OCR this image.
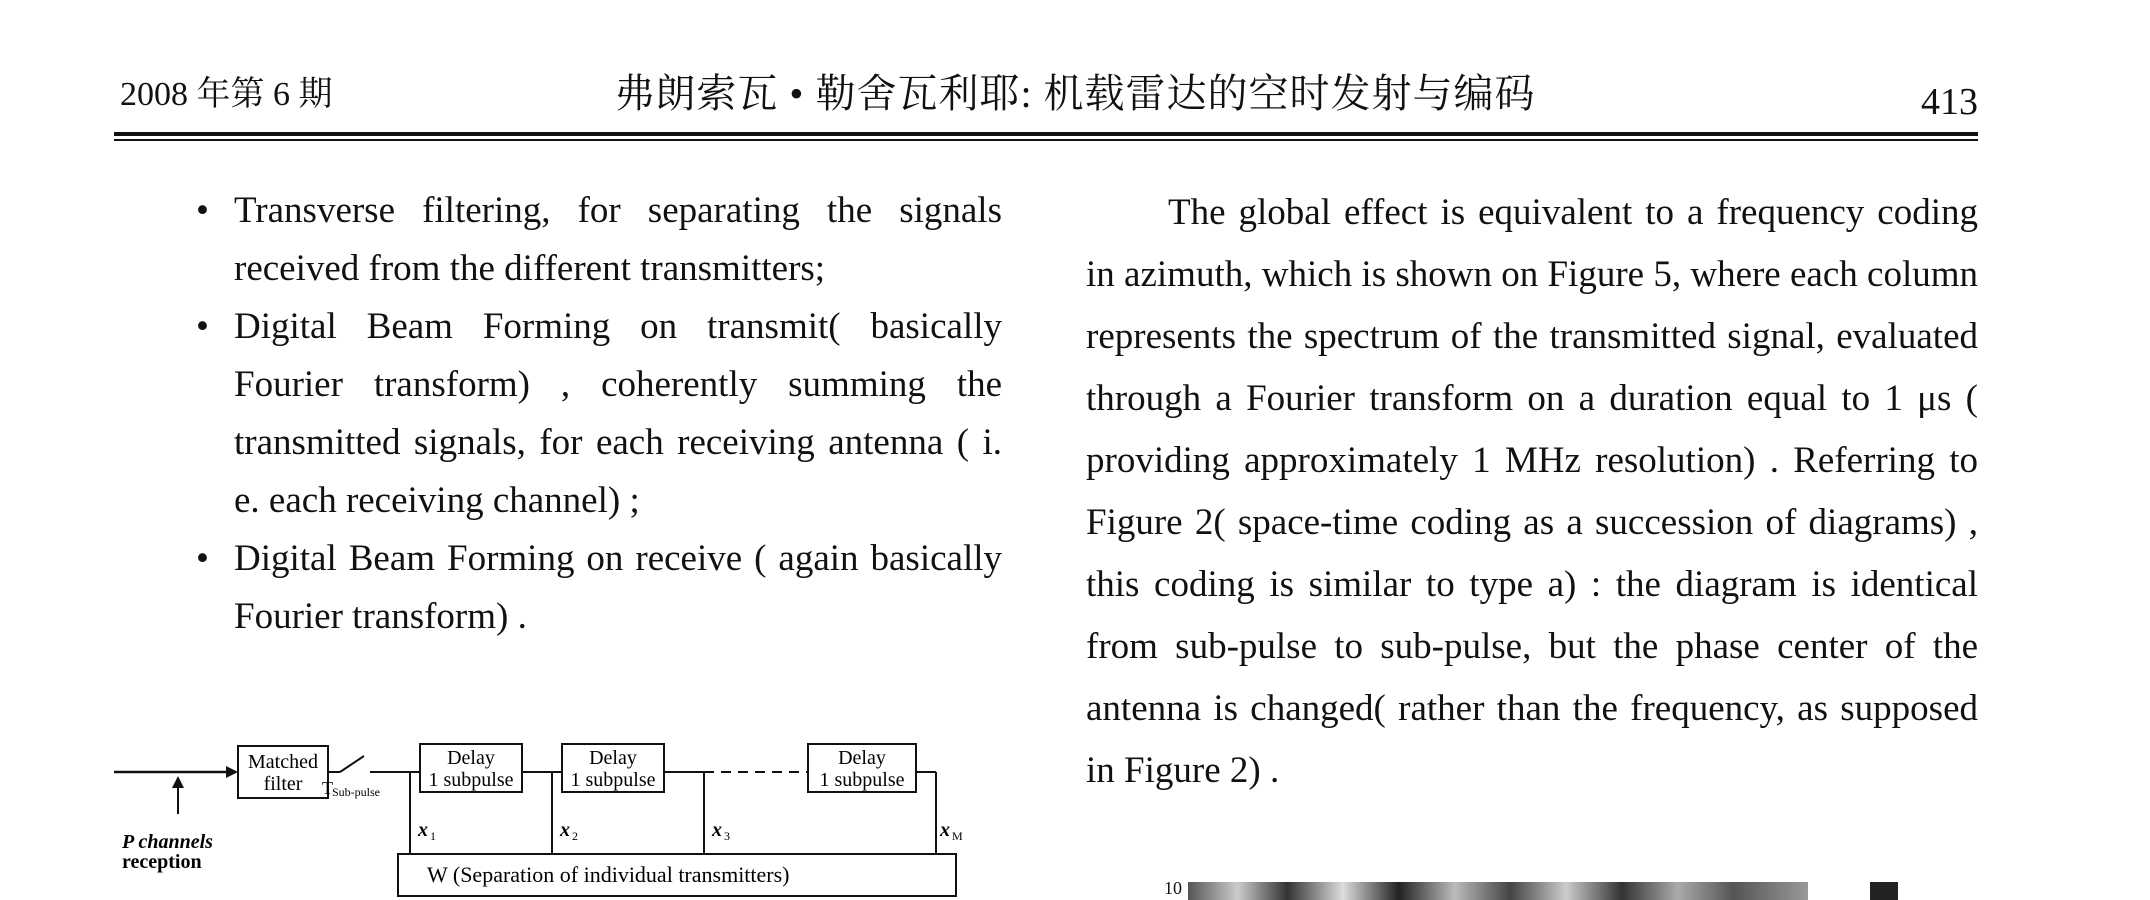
2008 年第 6 期	弗朗索瓦 • 勒舍瓦利耶: 机载雷达的空时发射与编码	413

• Transverse filtering, for separating the signals received from the different transmitters;

• Digital Beam Forming on transmit( basically Fourier transform) , coherently summing the transmitted signals, for each receiving antenna ( i. e. each receiving channel) ;

• Digital Beam Forming on receive ( again basically Fourier transform) .

The global effect is equivalent to a frequency coding in azimuth, which is shown on Figure 5, where each column represents the spectrum of the transmitted signal, evaluated through a Fourier transform on a duration equal to 1 μs ( providing approximately 1 MHz resolution) . Referring to Figure 2( space-time coding as a succession of diagrams) , this coding is similar to type a) : the diagram is identical from sub-pulse to sub-pulse, but the phase center of the antenna is changed( rather than the frequency, as supposed in Figure 2) .

Matched
filter T Sub-pulse
Delay
1 subpulse
Delay
1 subpulse
Delay
1 subpulse
x 1	x 2	x 3	x M
P channels
reception	W (Separation of individual transmitters)
10
